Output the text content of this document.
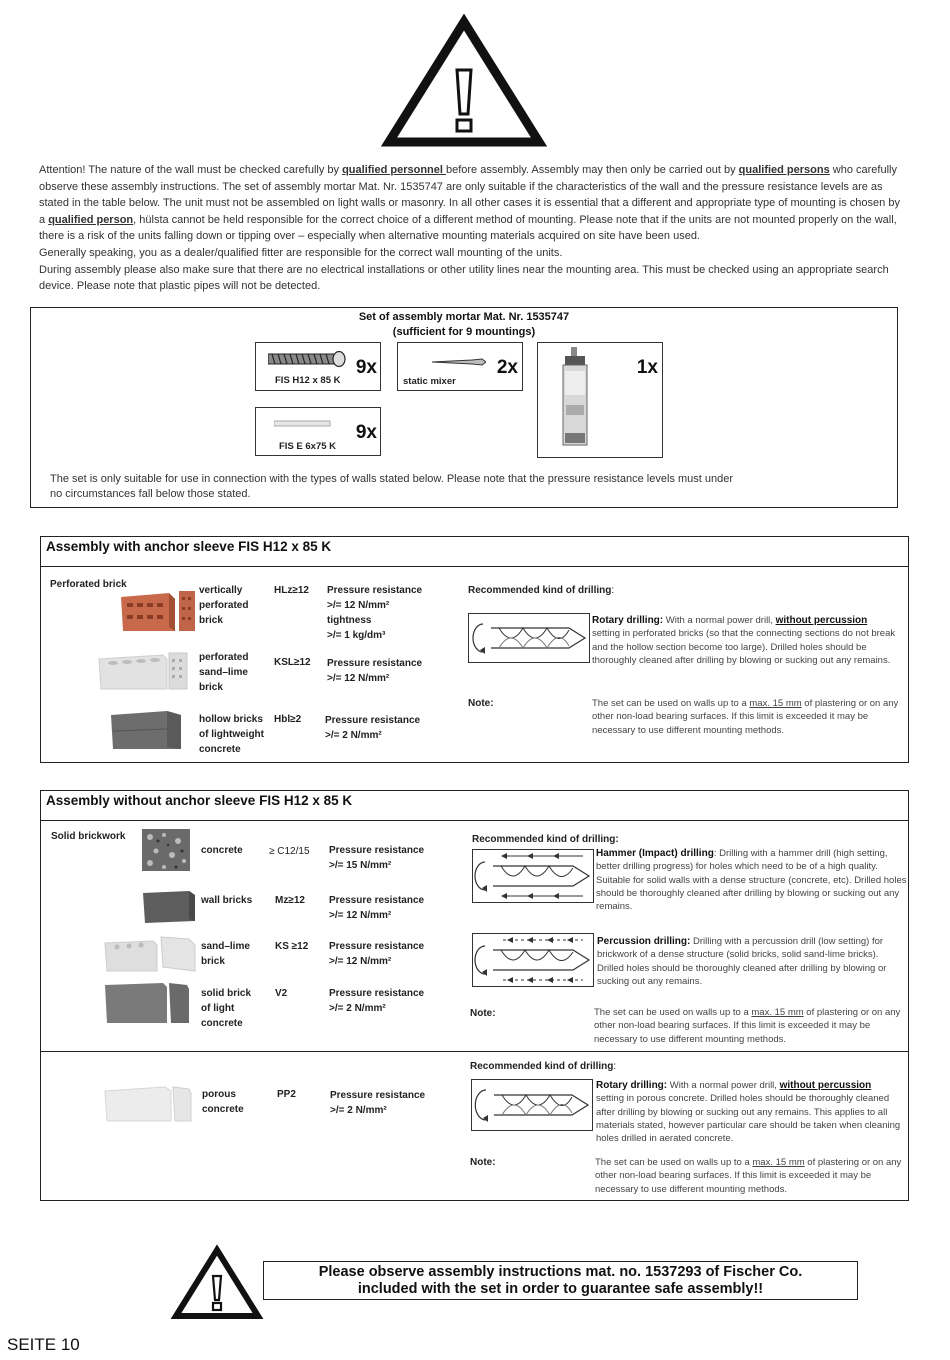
Attention! The nature of the wall must be checked carefully by qualified personnel before assembly. Assembly may then only be carried out by qualified persons who carefully observe these assembly instructions. The set of assembly mortar Mat. Nr. 1535747 are only suitable if the characteristics of the wall and the pressure resistance levels are as stated in the table below. The unit must not be assembled on light walls or masonry. In all other cases it is essential that a different and appropriate type of mounting is chosen by a qualified person, hülsta cannot be held responsible for the correct choice of a different method of mounting. Please note that if the units are not mounted properly on the wall, there is a risk of the units falling down or tipping over – especially when alternative mounting materials acquired on site have been used.
Generally speaking, you as a dealer/qualified fitter are responsible for the correct wall mounting of the units.
During assembly please also make sure that there are no electrical installations or other utility lines near the mounting area. This must be checked using an appropriate search device. Please note that plastic pipes will not be detected.
Set of assembly mortar Mat. Nr. 1535747
(sufficient for 9 mountings)
9x
FIS H12 x 85 K
2x
static mixer
1x
9x
FIS E 6x75 K
The set is only suitable for use in connection with the types of walls stated below. Please note that the pressure resistance levels must under
no circumstances fall below those stated.
Assembly with anchor sleeve FIS H12 x 85 K
Perforated brick
vertically
perforated
brick
HLz≥12 Pressure resistance
>/= 12 N/mm²
tightness
>/= 1 kg/dm³
perforated
sand–lime
brick
KSL≥12 Pressure resistance
>/= 12 N/mm²
hollow bricks
of lightweight
concrete
Hbl≥2 Pressure resistance
>/= 2 N/mm²
Recommended kind of drilling:
Rotary drilling: With a normal power drill, without percussion
setting in perforated bricks (so that the connecting sections do not break and the hollow section become too large). Drilled holes should be thoroughly cleaned after drilling by blowing or sucking out any remains.
Note:	The set can be used on walls up to a max. 15 mm of plastering or on any other non-load bearing surfaces. If this limit is exceeded it may be necessary to use different mounting methods.
Assembly without anchor sleeve FIS H12 x 85 K
Solid brickwork
concrete	≥ C12/15 Pressure resistance
>/= 15 N/mm²
wall bricks Mz≥12 Pressure resistance
>/= 12 N/mm²
sand–lime
brick
KS ≥12 Pressure resistance
>/= 12 N/mm²
solid brick
of light
concrete
V2	Pressure resistance
>/= 2 N/mm²
Recommended kind of drilling:
Hammer (Impact) drilling: Drilling with a hammer drill (high setting, better drilling progress) for holes which need to be of a high quality. Suitable for solid walls with a dense structure (concrete, etc). Drilled holes should be thoroughly cleaned after drilling by blowing or sucking out any remains.
Percussion drilling: Drilling with a percussion drill (low setting) for brickwork of a dense structure (solid bricks, solid sand-lime bricks). Drilled holes should be thoroughly cleaned after drilling by blowing or sucking out any remains.
Note:	The set can be used on walls up to a max. 15 mm of plastering or on any other non-load bearing surfaces. If this limit is exceeded it may be necessary to use different mounting methods.
porous
concrete
PP2	Pressure resistance
>/= 2 N/mm²
Recommended kind of drilling:
Rotary drilling: With a normal power drill, without percussion
setting in porous concrete. Drilled holes should be thoroughly cleaned after drilling by blowing or sucking out any remains. This applies to all materials stated, however particular care should be taken when cleaning holes drilled in aerated concrete.
Note:	The set can be used on walls up to a max. 15 mm of plastering or on any other non-load bearing surfaces. If this limit is exceeded it may be necessary to use different mounting methods.
Please observe assembly instructions mat. no. 1537293 of Fischer Co.
included with the set in order to guarantee safe assembly!!
SEITE 10
